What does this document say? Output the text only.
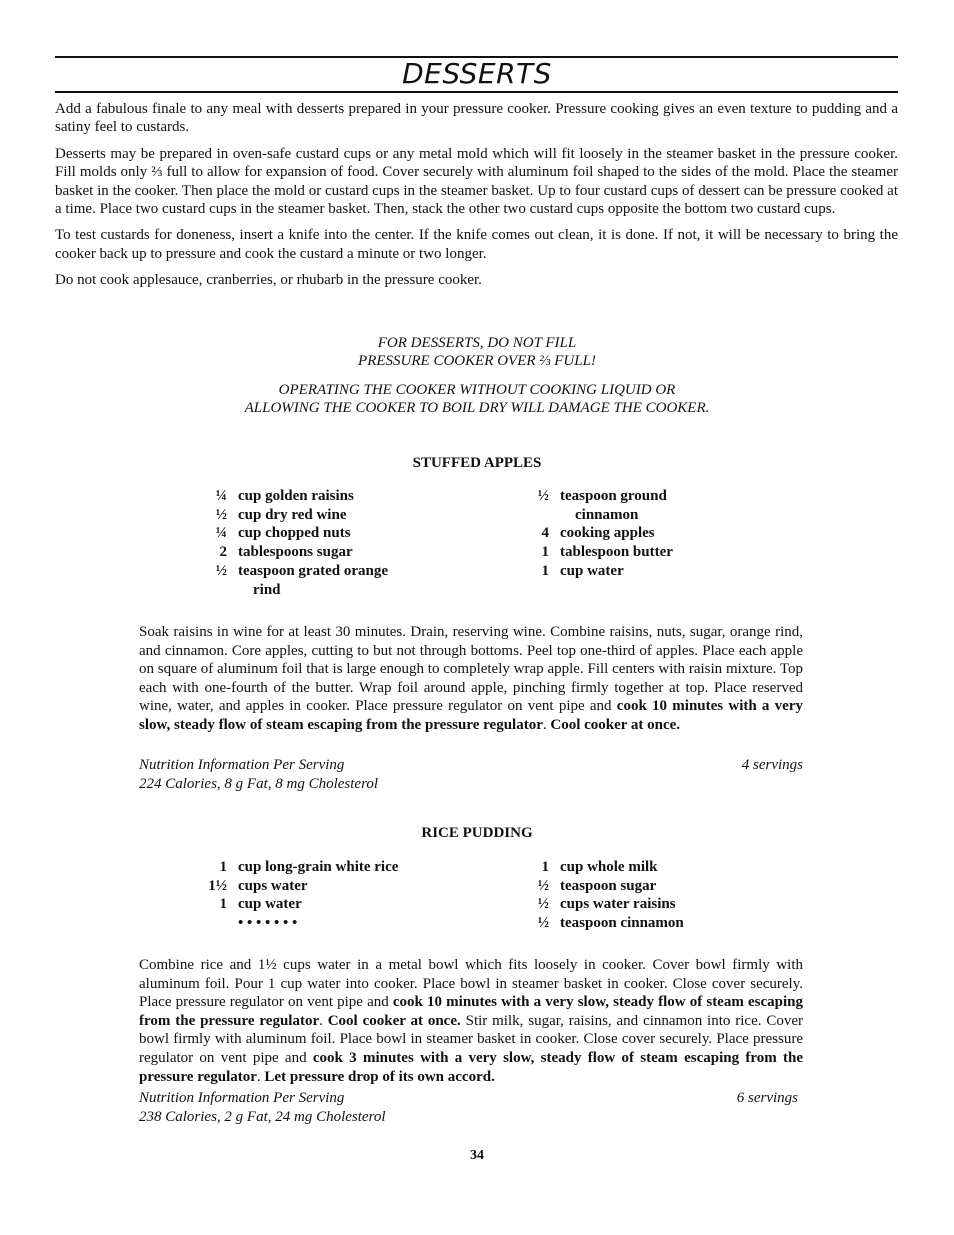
DESSERTS

Add a fabulous finale to any meal with desserts prepared in your pressure cooker. Pressure cooking gives an even texture to pudding and a satiny feel to custards.

Desserts may be prepared in oven-safe custard cups or any metal mold which will fit loosely in the steamer basket in the pressure cooker. Fill molds only ⅔ full to allow for expansion of food. Cover securely with aluminum foil shaped to the sides of the mold. Place the steamer basket in the cooker. Then place the mold or custard cups in the steamer basket. Up to four custard cups of dessert can be pressure cooked at a time. Place two custard cups in the steamer basket. Then, stack the other two custard cups opposite the bottom two custard cups.

To test custards for doneness, insert a knife into the center. If the knife comes out clean, it is done. If not, it will be necessary to bring the cooker back up to pressure and cook the custard a minute or two longer.

Do not cook applesauce, cranberries, or rhubarb in the pressure cooker.

FOR DESSERTS, DO NOT FILL
PRESSURE COOKER OVER ⅔ FULL!
OPERATING THE COOKER WITHOUT COOKING LIQUID OR
ALLOWING THE COOKER TO BOIL DRY WILL DAMAGE THE COOKER.
STUFFED APPLES
¼ cup golden raisins
½ cup dry red wine
¼ cup chopped nuts
2 tablespoons sugar
½ teaspoon grated orange
rind
½ teaspoon ground
cinnamon
4 cooking apples
1 tablespoon butter
1 cup water
Soak raisins in wine for at least 30 minutes. Drain, reserving wine. Combine raisins, nuts, sugar, orange rind, and cinnamon. Core apples, cutting to but not through bottoms. Peel top one-third of apples. Place each apple on square of aluminum foil that is large enough to completely wrap apple. Fill centers with raisin mixture. Top each with one-fourth of the butter. Wrap foil around apple, pinching firmly together at top. Place reserved wine, water, and apples in cooker. Place pressure regulator on vent pipe and cook 10 minutes with a very slow, steady flow of steam escaping from the pressure regulator. Cool cooker at once.
Nutrition Information Per Serving
224 Calories, 8 g Fat, 8 mg Cholesterol
4 servings
RICE PUDDING
1 cup long-grain white rice
1½ cups water
1 cup water
• • • • • • •
1 cup whole milk
½ teaspoon sugar
½ cups water raisins
½ teaspoon cinnamon
Combine rice and 1½ cups water in a metal bowl which fits loosely in cooker. Cover bowl firmly with aluminum foil. Pour 1 cup water into cooker. Place bowl in steamer basket in cooker. Close cover securely. Place pressure regulator on vent pipe and cook 10 minutes with a very slow, steady flow of steam escaping from the pressure regulator. Cool cooker at once. Stir milk, sugar, raisins, and cinnamon into rice. Cover bowl firmly with aluminum foil. Place bowl in steamer basket in cooker. Close cover securely. Place pressure regulator on vent pipe and cook 3 minutes with a very slow, steady flow of steam escaping from the pressure regulator. Let pressure drop of its own accord.
Nutrition Information Per Serving
238 Calories, 2 g Fat, 24 mg Cholesterol
6 servings
34
